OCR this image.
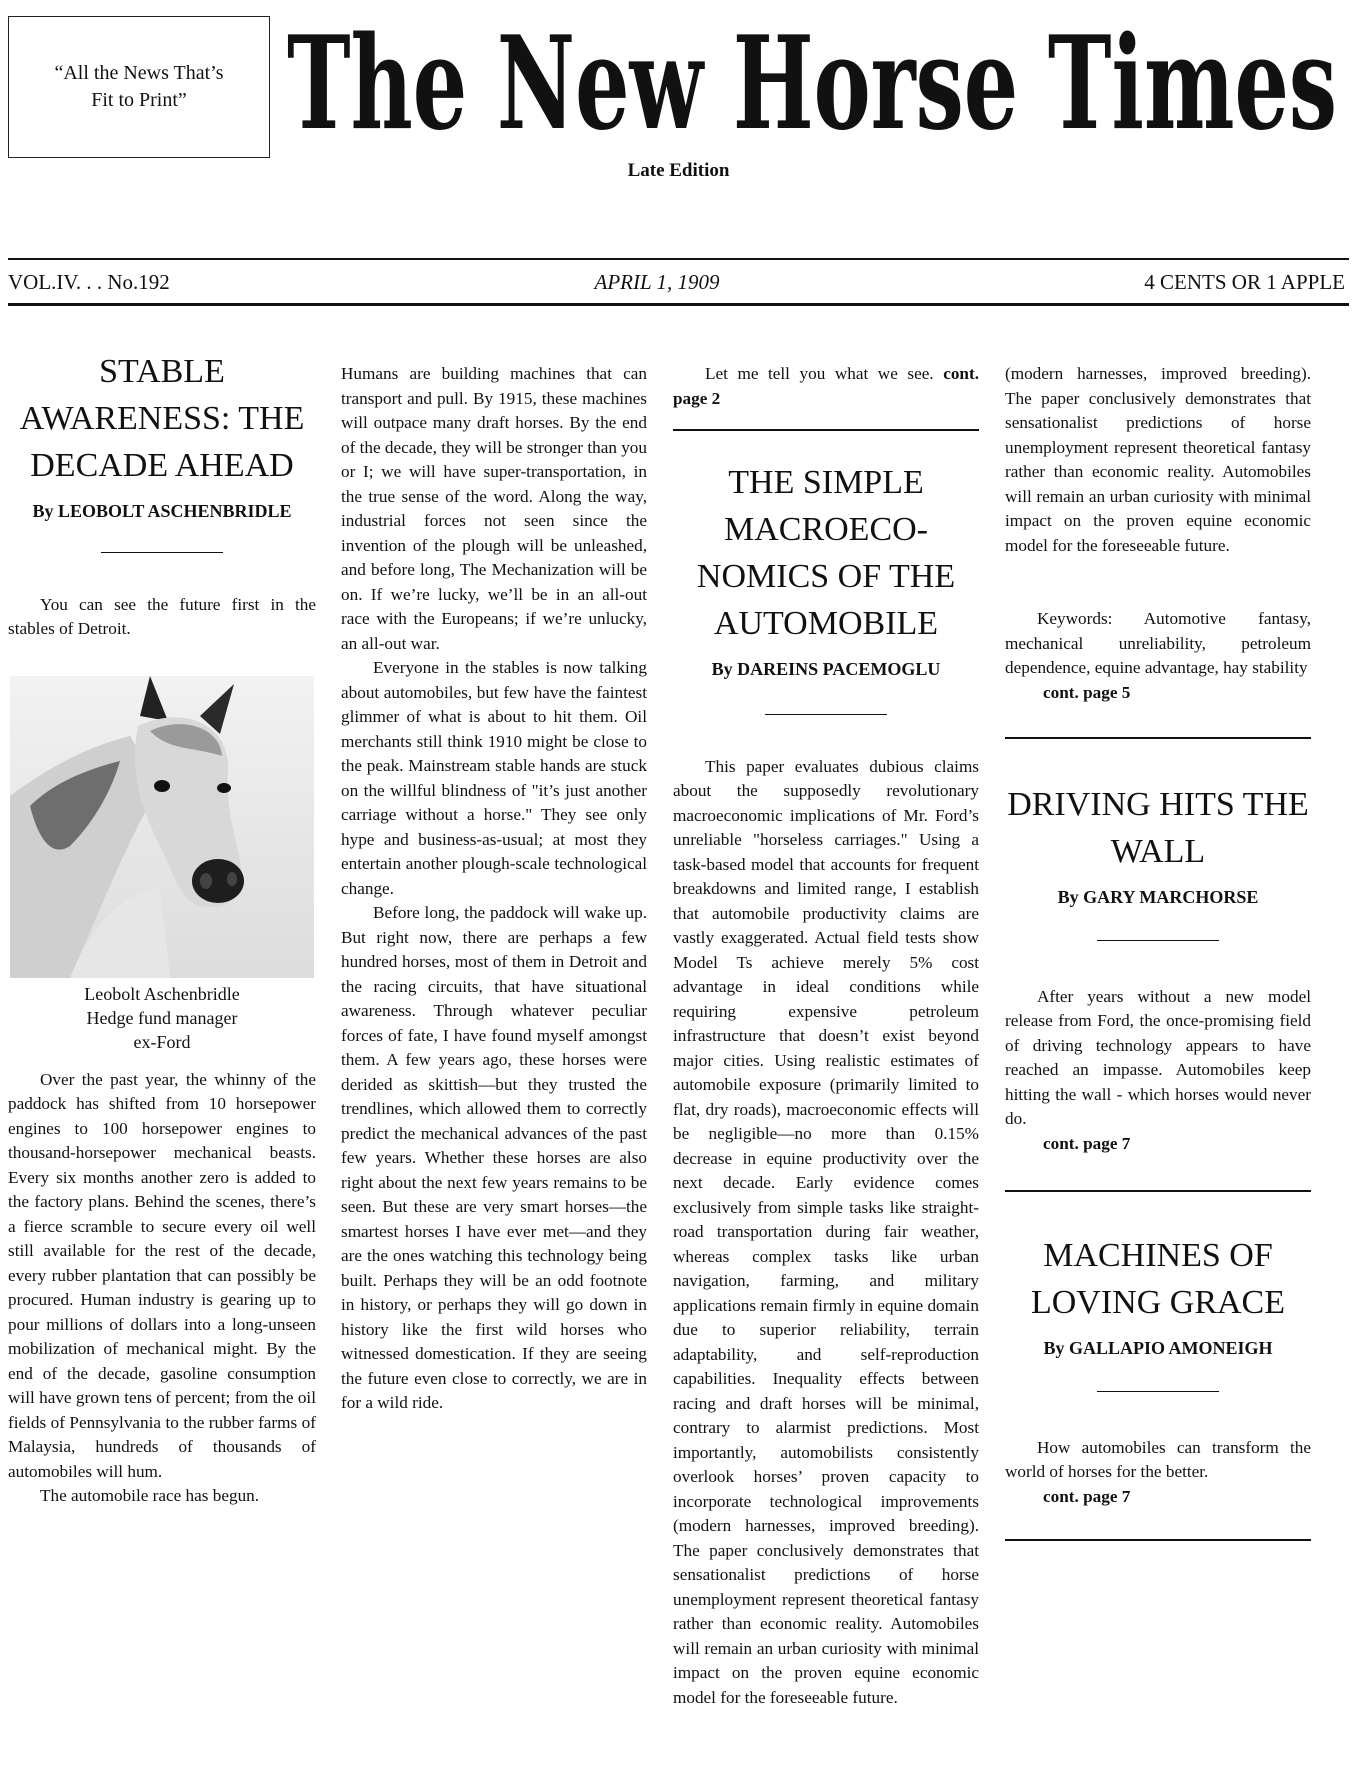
“All the News That’s Fit to Print” The New Horse Times
Late Edition
VOL.IV. . . No.192	APRIL 1, 1909	4 CENTS OR 1 APPLE
STABLE AWARENESS: THE DECADE AHEAD
By LEOBOLT ASCHENBRIDLE

You can see the future first in the stables of Detroit.

Leobolt Aschenbridle
Hedge fund manager
ex-Ford

Over the past year, the whinny of the paddock has shifted from 10 horsepower engines to 100 horsepower engines to thousand-horsepower mechanical beasts. Every six months another zero is added to the factory plans. Behind the scenes, there’s a fierce scramble to secure every oil well still available for the rest of the decade, every rubber plantation that can possibly be procured. Human industry is gearing up to pour millions of dollars into a long-unseen mobilization of mechanical might. By the end of the decade, gasoline consumption will have grown tens of percent; from the oil fields of Pennsylvania to the rubber farms of Malaysia, hundreds of thousands of automobiles will hum.

The automobile race has begun.

Humans are building machines that can transport and pull. By 1915, these machines will outpace many draft horses. By the end of the decade, they will be stronger than you or I; we will have super-transportation, in the true sense of the word. Along the way, industrial forces not seen since the invention of the plough will be unleashed, and before long, The Mechanization will be on. If we’re lucky, we’ll be in an all-out race with the Europeans; if we’re unlucky, an all-out war.

Everyone in the stables is now talking about automobiles, but few have the faintest glimmer of what is about to hit them. Oil merchants still think 1910 might be close to the peak. Mainstream stable hands are stuck on the willful blindness of "it’s just another carriage without a horse." They see only hype and business-as-usual; at most they entertain another plough-scale technological change.

Before long, the paddock will wake up. But right now, there are perhaps a few hundred horses, most of them in Detroit and the racing circuits, that have situational awareness. Through whatever peculiar forces of fate, I have found myself amongst them. A few years ago, these horses were derided as skittish—but they trusted the trendlines, which allowed them to correctly predict the mechanical advances of the past few years. Whether these horses are also right about the next few years remains to be seen. But these are very smart horses—the smartest horses I have ever met—and they are the ones watching this technology being built. Perhaps they will be an odd footnote in history, or perhaps they will go down in history like the first wild horses who witnessed domestication. If they are seeing the future even close to correctly, we are in for a wild ride.

Let me tell you what we see. cont. page 2

THE SIMPLE MACROECO-NOMICS OF THE AUTOMOBILE
By DAREINS PACEMOGLU

This paper evaluates dubious claims about the supposedly revolutionary macroeconomic implications of Mr. Ford’s unreliable "horseless carriages." Using a task-based model that accounts for frequent breakdowns and limited range, I establish that automobile productivity claims are vastly exaggerated. Actual field tests show Model Ts achieve merely 5% cost advantage in ideal conditions while requiring expensive petroleum infrastructure that doesn’t exist beyond major cities. Using realistic estimates of automobile exposure (primarily limited to flat, dry roads), macroeconomic effects will be negligible—no more than 0.15% decrease in equine productivity over the next decade. Early evidence comes exclusively from simple tasks like straight-road transportation during fair weather, whereas complex tasks like urban navigation, farming, and military applications remain firmly in equine domain due to superior reliability, terrain adaptability, and self-reproduction capabilities. Inequality effects between racing and draft horses will be minimal, contrary to alarmist predictions. Most importantly, automobilists consistently overlook horses’ proven capacity to incorporate technological improvements (modern harnesses, improved breeding). The paper conclusively demonstrates that sensationalist predictions of horse unemployment represent theoretical fantasy rather than economic reality. Automobiles will remain an urban curiosity with minimal impact on the proven equine economic model for the foreseeable future.

(modern harnesses, improved breeding). The paper conclusively demonstrates that sensationalist predictions of horse unemployment represent theoretical fantasy rather than economic reality. Automobiles will remain an urban curiosity with minimal impact on the proven equine economic model for the foreseeable future.

Keywords: Automotive fantasy, mechanical unreliability, petroleum dependence, equine advantage, hay stability

cont. page 5
DRIVING HITS THE WALL
By GARY MARCHORSE

After years without a new model release from Ford, the once-promising field of driving technology appears to have reached an impasse. Automobiles keep hitting the wall - which horses would never do.

cont. page 7
MACHINES OF LOVING GRACE
By GALLAPIO AMONEIGH

How automobiles can transform the world of horses for the better.

cont. page 7
